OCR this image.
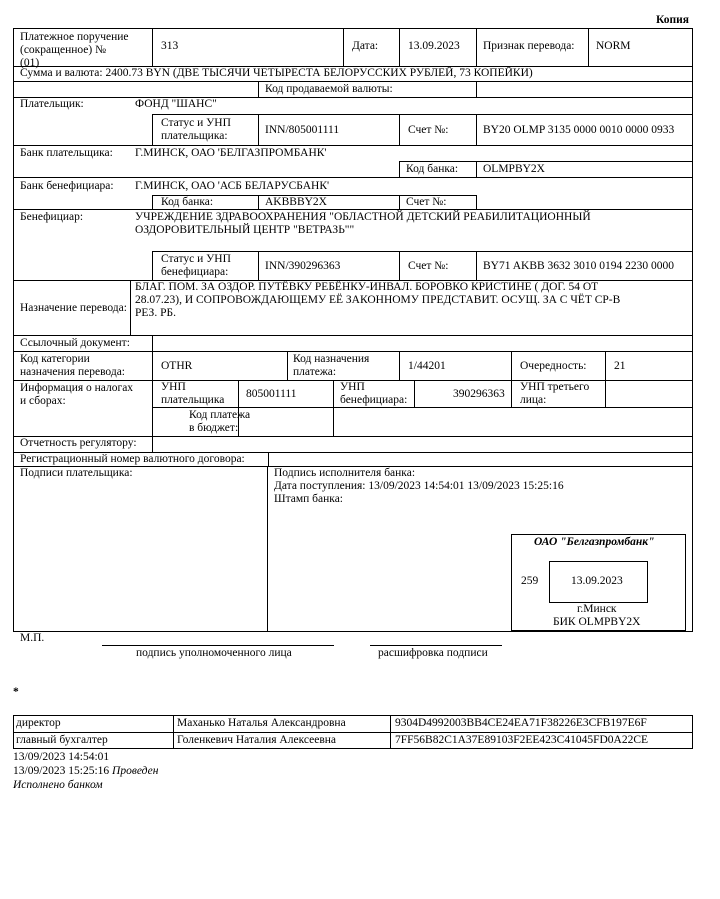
Копия
Платежное поручение
(сокращенное) №
(01)
313	Дата:	13.09.2023 Признак перевода: NORM
Сумма и валюта: 2400.73 BYN (ДВЕ ТЫСЯЧИ ЧЕТЫРЕСТА БЕЛОРУССКИХ РУБЛЕЙ, 73 КОПЕЙКИ)
Код продаваемой валюты:
Плательщик:	ФОНД "ШАНС"
Статус и УНП
плательщика:	INN/805001111	Счет №:	BY20 OLMP 3135 0000 0010 0000 0933
Банк плательщика: Г.МИНСК, ОАО 'БЕЛГАЗПРОМБАНК'
Код банка: OLMPBY2X
Банк бенефициара: Г.МИНСК, ОАО 'АСБ БЕЛАРУСБАНК'
Код банка:	AKBBBY2X	Счет №:
Бенефициар:	УЧРЕЖДЕНИЕ ЗДРАВООХРАНЕНИЯ "ОБЛАСТНОЙ ДЕТСКИЙ РЕАБИЛИТАЦИОННЫЙ
ОЗДОРОВИТЕЛЬНЫЙ ЦЕНТР "ВЕТРАЗЬ""
Статус и УНП
бенефициара:	INN/390296363	Счет №:	BY71 AKBB 3632 3010 0194 2230 0000
Назначение перевода:
БЛАГ. ПОМ. ЗА ОЗДОР. ПУТЁВКУ РЕБЁНКУ-ИНВАЛ. БОРОВКО КРИСТИНЕ ( ДОГ. 54 ОТ
28.07.23), И СОПРОВОЖДАЮЩЕМУ ЕЁ ЗАКОННОМУ ПРЕДСТАВИТ. ОСУЩ. ЗА С ЧЁТ СР-В
РЕЗ. РБ.
Ссылочный документ:
Код категории
назначения перевода:	OTHR
Код назначения
платежа:	1/44201	Очередность: 21
Информация о налогах
и сборах:
УНП
плательщика 805001111
УНП
бенефициара:	390296363
УНП третьего
лица:
Код платежа
в бюджет:
Отчетность регулятору:
Регистрационный номер валютного договора:
Подписи плательщика:	Подпись исполнителя банка:
Дата поступления: 13/09/2023 14:54:01 13/09/2023 15:25:16
Штамп банка:
ОАО "Белгазпромбанк"
259	13.09.2023
г.Минск
БИК OLMPBY2X
М.П.
подпись уполномоченного лица	расшифровка подписи
*
директор	Маханько Наталья Александровна	9304D4992003BB4CE24EA71F38226E3CFB197E6F
главный бухгалтер	Голенкевич Наталия Алексеевна	7FF56B82C1A37E89103F2EE423C41045FD0A22CE
13/09/2023 14:54:01
13/09/2023 15:25:16 Проведен
Исполнено банком
